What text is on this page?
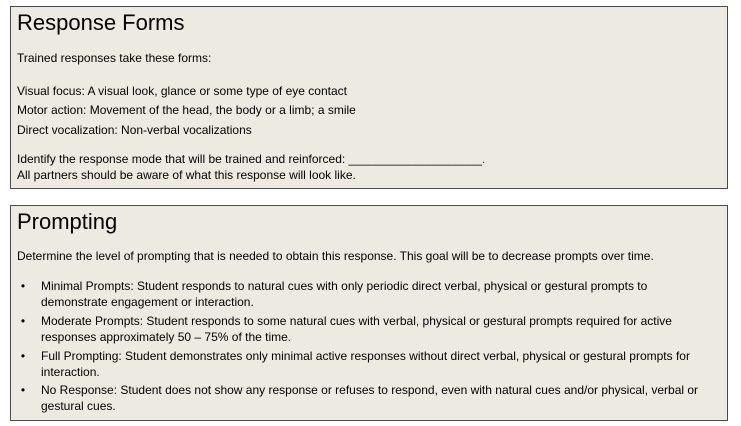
Response Forms
Trained responses take these forms:
Visual focus: A visual look, glance or some type of eye contact
Motor action: Movement of the head, the body or a limb; a smile
Direct vocalization: Non-verbal vocalizations
Identify the response mode that will be trained and reinforced: ____________________.
All partners should be aware of what this response will look like.
Prompting
Determine the level of prompting that is needed to obtain this response. This goal will be to decrease prompts over time.
•	Minimal Prompts: Student responds to natural cues with only periodic direct verbal, physical or gestural prompts to demonstrate engagement or interaction.
•	Moderate Prompts: Student responds to some natural cues with verbal, physical or gestural prompts required for active responses approximately 50 – 75% of the time.
•	Full Prompting: Student demonstrates only minimal active responses without direct verbal, physical or gestural prompts for interaction.
•	No Response: Student does not show any response or refuses to respond, even with natural cues and/or physical, verbal or gestural cues.
